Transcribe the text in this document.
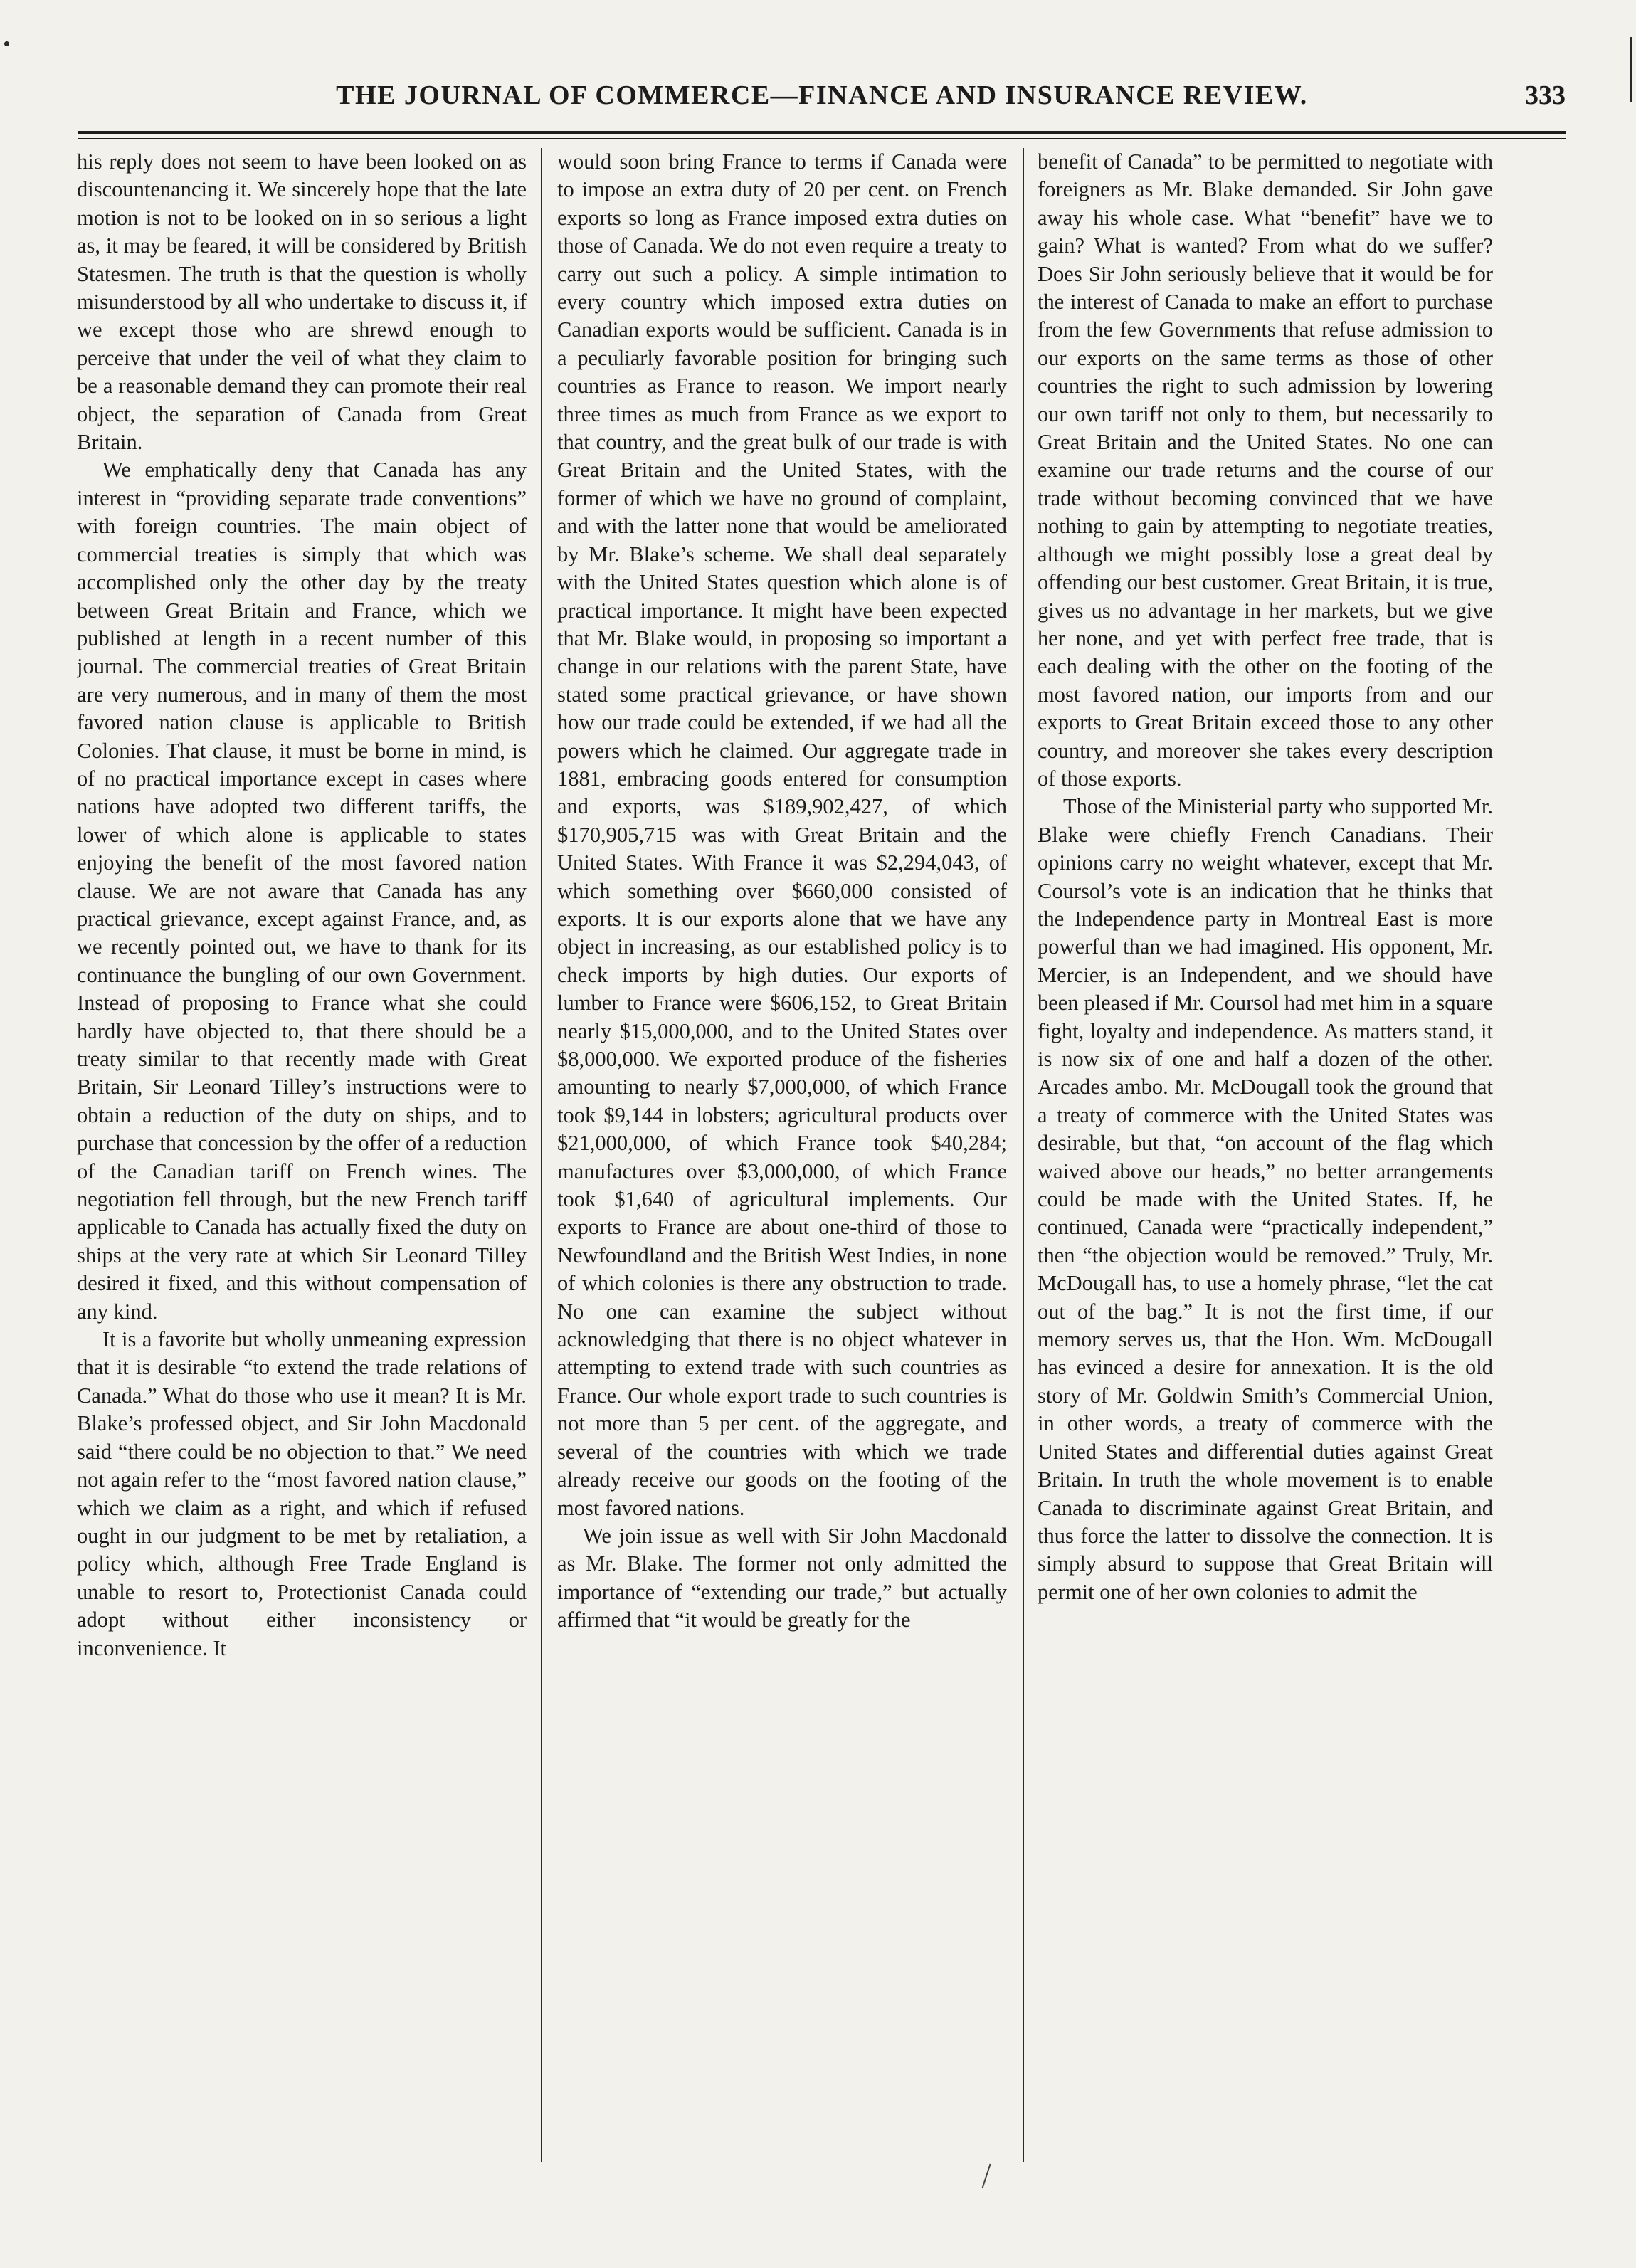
THE JOURNAL OF COMMERCE—FINANCE AND INSURANCE REVIEW.	333

his reply does not seem to have been looked on as discountenancing it. We sincerely hope that the late motion is not to be looked on in so serious a light as, it may be feared, it will be considered by British Statesmen. The truth is that the question is wholly misunderstood by all who undertake to discuss it, if we except those who are shrewd enough to perceive that under the veil of what they claim to be a reasonable demand they can promote their real object, the separation of Canada from Great Britain.

We emphatically deny that Canada has any interest in “providing separate trade conventions” with foreign countries. The main object of commercial treaties is simply that which was accomplished only the other day by the treaty between Great Britain and France, which we published at length in a recent number of this journal. The commercial treaties of Great Britain are very numerous, and in many of them the most favored nation clause is applicable to British Colonies. That clause, it must be borne in mind, is of no practical importance except in cases where nations have adopted two different tariffs, the lower of which alone is applicable to states enjoying the benefit of the most favored nation clause. We are not aware that Canada has any practical grievance, except against France, and, as we recently pointed out, we have to thank for its continuance the bungling of our own Government. Instead of proposing to France what she could hardly have objected to, that there should be a treaty similar to that recently made with Great Britain, Sir Leonard Tilley’s instructions were to obtain a reduction of the duty on ships, and to purchase that concession by the offer of a reduction of the Canadian tariff on French wines. The negotiation fell through, but the new French tariff applicable to Canada has actually fixed the duty on ships at the very rate at which Sir Leonard Tilley desired it fixed, and this without compensation of any kind.

It is a favorite but wholly unmeaning expression that it is desirable “to extend the trade relations of Canada.” What do those who use it mean? It is Mr. Blake’s professed object, and Sir John Macdonald said “there could be no objection to that.” We need not again refer to the “most favored nation clause,” which we claim as a right, and which if refused ought in our judgment to be met by retaliation, a policy which, although Free Trade England is unable to resort to, Protectionist Canada could adopt without either inconsistency or inconvenience. It

would soon bring France to terms if Canada were to impose an extra duty of 20 per cent. on French exports so long as France imposed extra duties on those of Canada. We do not even require a treaty to carry out such a policy. A simple intimation to every country which imposed extra duties on Canadian exports would be sufficient. Canada is in a peculiarly favorable position for bringing such countries as France to reason. We import nearly three times as much from France as we export to that country, and the great bulk of our trade is with Great Britain and the United States, with the former of which we have no ground of complaint, and with the latter none that would be ameliorated by Mr. Blake’s scheme. We shall deal separately with the United States question which alone is of practical importance. It might have been expected that Mr. Blake would, in proposing so important a change in our relations with the parent State, have stated some practical grievance, or have shown how our trade could be extended, if we had all the powers which he claimed. Our aggregate trade in 1881, embracing goods entered for consumption and exports, was $189,902,427, of which $170,905,715 was with Great Britain and the United States. With France it was $2,294,043, of which something over $660,000 consisted of exports. It is our exports alone that we have any object in increasing, as our established policy is to check imports by high duties. Our exports of lumber to France were $606,152, to Great Britain nearly $15,000,000, and to the United States over $8,000,000. We exported produce of the fisheries amounting to nearly $7,000,000, of which France took $9,144 in lobsters; agricultural products over $21,000,000, of which France took $40,284; manufactures over $3,000,000, of which France took $1,640 of agricultural implements. Our exports to France are about one-third of those to Newfoundland and the British West Indies, in none of which colonies is there any obstruction to trade. No one can examine the subject without acknowledging that there is no object whatever in attempting to extend trade with such countries as France. Our whole export trade to such countries is not more than 5 per cent. of the aggregate, and several of the countries with which we trade already receive our goods on the footing of the most favored nations.

We join issue as well with Sir John Macdonald as Mr. Blake. The former not only admitted the importance of “extending our trade,” but actually affirmed that “it would be greatly for the

benefit of Canada” to be permitted to negotiate with foreigners as Mr. Blake demanded. Sir John gave away his whole case. What “benefit” have we to gain? What is wanted? From what do we suffer? Does Sir John seriously believe that it would be for the interest of Canada to make an effort to purchase from the few Governments that refuse admission to our exports on the same terms as those of other countries the right to such admission by lowering our own tariff not only to them, but necessarily to Great Britain and the United States. No one can examine our trade returns and the course of our trade without becoming convinced that we have nothing to gain by attempting to negotiate treaties, although we might possibly lose a great deal by offending our best customer. Great Britain, it is true, gives us no advantage in her markets, but we give her none, and yet with perfect free trade, that is each dealing with the other on the footing of the most favored nation, our imports from and our exports to Great Britain exceed those to any other country, and moreover she takes every description of those exports.

Those of the Ministerial party who supported Mr. Blake were chiefly French Canadians. Their opinions carry no weight whatever, except that Mr. Coursol’s vote is an indication that he thinks that the Independence party in Montreal East is more powerful than we had imagined. His opponent, Mr. Mercier, is an Independent, and we should have been pleased if Mr. Coursol had met him in a square fight, loyalty and independence. As matters stand, it is now six of one and half a dozen of the other. Arcades ambo. Mr. McDougall took the ground that a treaty of commerce with the United States was desirable, but that, “on account of the flag which waived above our heads,” no better arrangements could be made with the United States. If, he continued, Canada were “practically independent,” then “the objection would be removed.” Truly, Mr. McDougall has, to use a homely phrase, “let the cat out of the bag.” It is not the first time, if our memory serves us, that the Hon. Wm. McDougall has evinced a desire for annexation. It is the old story of Mr. Goldwin Smith’s Commercial Union, in other words, a treaty of commerce with the United States and differential duties against Great Britain. In truth the whole movement is to enable Canada to discriminate against Great Britain, and thus force the latter to dissolve the connection. It is simply absurd to suppose that Great Britain will permit one of her own colonies to admit the
